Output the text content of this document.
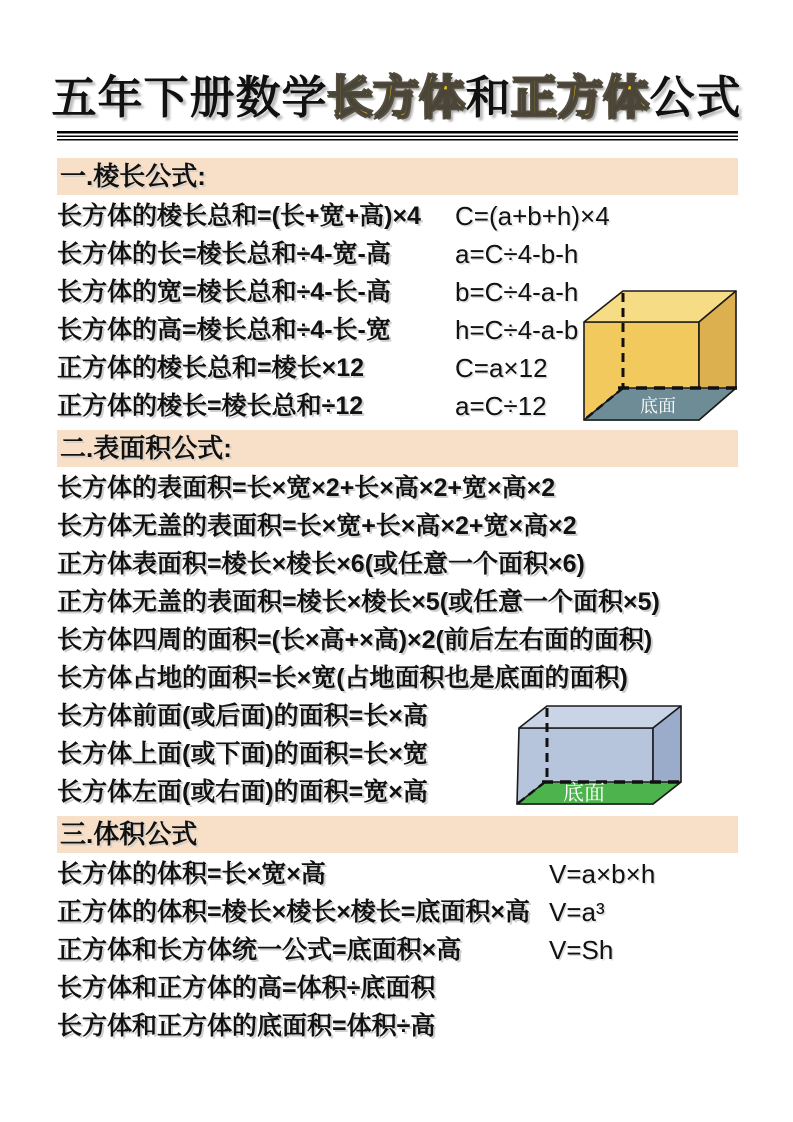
五年下册数学长方体和正方体公式
一.棱长公式:
长方体的棱长总和=(长+宽+高)×4 C=(a+b+h)×4
长方体的长=棱长总和÷4-宽-高 a=C÷4-b-h
长方体的宽=棱长总和÷4-长-高 b=C÷4-a-h
长方体的高=棱长总和÷4-长-宽 h=C÷4-a-b
正方体的棱长总和=棱长×12	C=a×12
正方体的棱长=棱长总和÷12	a=C÷12
二.表面积公式:
长方体的表面积=长×宽×2+长×高×2+宽×高×2
长方体无盖的表面积=长×宽+长×高×2+宽×高×2
正方体表面积=棱长×棱长×6(或任意一个面积×6)
正方体无盖的表面积=棱长×棱长×5(或任意一个面积×5)
长方体四周的面积=(长×高+×高)×2(前后左右面的面积)
长方体占地的面积=长×宽(占地面积也是底面的面积)
长方体前面(或后面)的面积=长×高
长方体上面(或下面)的面积=长×宽
长方体左面(或右面)的面积=宽×高
三.体积公式
长方体的体积=长×宽×高	V=a×b×h
正方体的体积=棱长×棱长×棱长=底面积×高 V=a³
正方体和长方体统一公式=底面积×高	V=Sh
长方体和正方体的高=体积÷底面积
长方体和正方体的底面积=体积÷高
底面
底面
